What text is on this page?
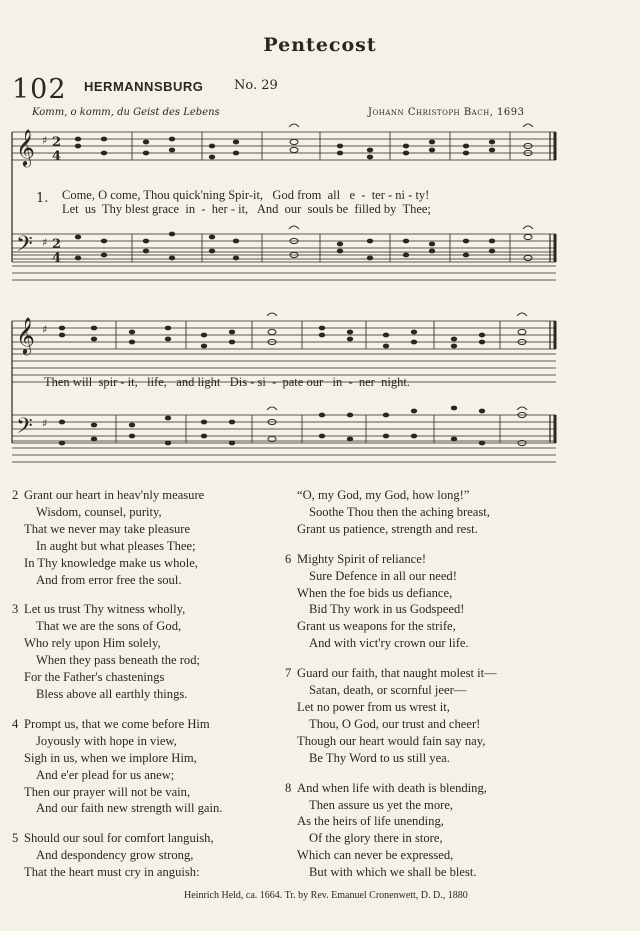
Pentecost
102 HERMANNSBURG No. 29
Komm, o komm, du Geist des Lebens	Johann Christoph Bach, 1693
𝄞
𝄢
𝄞
𝄢
♯
♯
♯
♯
2
4
2
4
Come, O come, Thou quick'ning Spir-it,   God from  all   e  -  ter - ni - ty!
Let  us  Thy blest grace  in  -  her - it,   And  our  souls be  filled by  Thee;
1.
Then will  spir - it,   life,   and light   Dis - si  -  pate our   in  -  ner  night.
Grant our heart in heav'nly measure
2
Wisdom, counsel, purity,
That we never may take pleasure
In aught but what pleases Thee;
In Thy knowledge make us whole,
And from error free the soul.
Let us trust Thy witness wholly,
3
That we are the sons of God,
Who rely upon Him solely,
When they pass beneath the rod;
For the Father's chastenings
Bless above all earthly things.
Prompt us, that we come before Him
4
Joyously with hope in view,
Sigh in us, when we implore Him,
And e'er plead for us anew;
Then our prayer will not be vain,
And our faith new strength will gain.
Should our soul for comfort languish,
5
And despondency grow strong,
That the heart must cry in anguish:
“O, my God, my God, how long!”
Soothe Thou then the aching breast,
Grant us patience, strength and rest.
Mighty Spirit of reliance!
6
Sure Defence in all our need!
When the foe bids us defiance,
Bid Thy work in us Godspeed!
Grant us weapons for the strife,
And with vict'ry crown our life.
Guard our faith, that naught molest it—
7
Satan, death, or scornful jeer—
Let no power from us wrest it,
Thou, O God, our trust and cheer!
Though our heart would fain say nay,
Be Thy Word to us still yea.
And when life with death is blending,
8
Then assure us yet the more,
As the heirs of life unending,
Of the glory there in store,
Which can never be expressed,
But with which we shall be blest.
Heinrich Held, ca. 1664. Tr. by Rev. Emanuel Cronenwett, D. D., 1880
